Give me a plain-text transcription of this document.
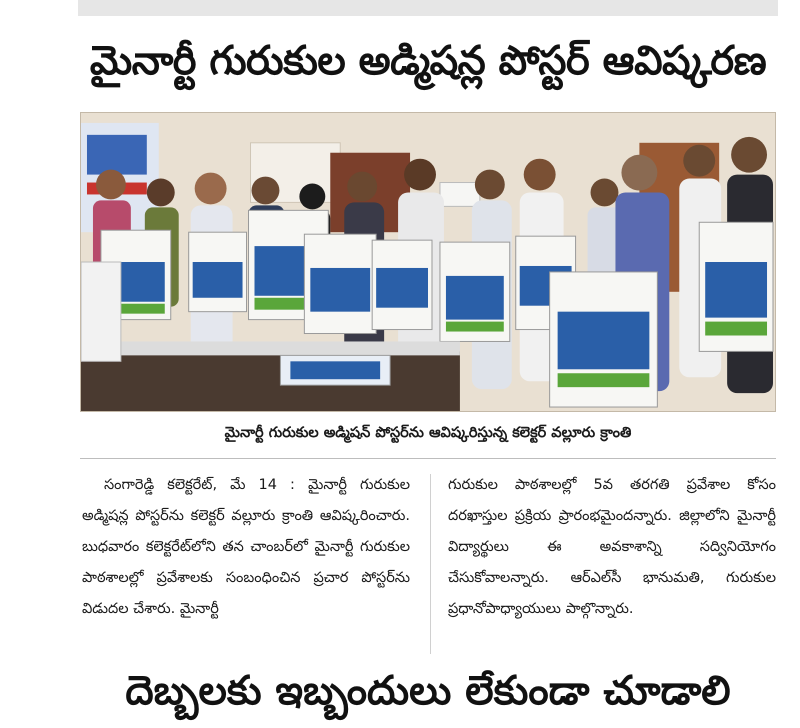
మైనార్టీ గురుకుల అడ్మిషన్ల పోస్టర్ ఆవిష్కరణ
మైనార్టీ గురుకుల అడ్మిషన్ పోస్టర్‌ను ఆవిష్కరిస్తున్న కలెక్టర్ వల్లూరు క్రాంతి
సంగారెడ్డి కలెక్టరేట్, మే 14 : మైనార్టీ గురుకుల అడ్మిషన్ల పోస్టర్‌ను కలెక్టర్ వల్లూరు క్రాంతి ఆవిష్కరించారు. బుధవారం కలెక్టరేట్‌లోని తన చాంబర్‌లో మైనార్టీ గురుకుల పాఠశాలల్లో ప్రవేశాలకు సంబంధించిన ప్రచార పోస్టర్‌ను విడుదల చేశారు. మైనార్టీ
గురుకుల పాఠశాలల్లో 5వ తరగతి ప్రవేశాల కోసం దరఖాస్తుల ప్రక్రియ ప్రారంభమైందన్నారు. జిల్లాలోని మైనార్టీ విద్యార్థులు ఈ అవకాశాన్ని సద్వినియోగం చేసుకోవాలన్నారు. ఆర్‌ఎల్‌సీ భానుమతి, గురుకుల ప్రధానోపాధ్యాయులు పాల్గొన్నారు.
దెబ్బలకు ఇబ్బందులు లేకుండా చూడాలి
